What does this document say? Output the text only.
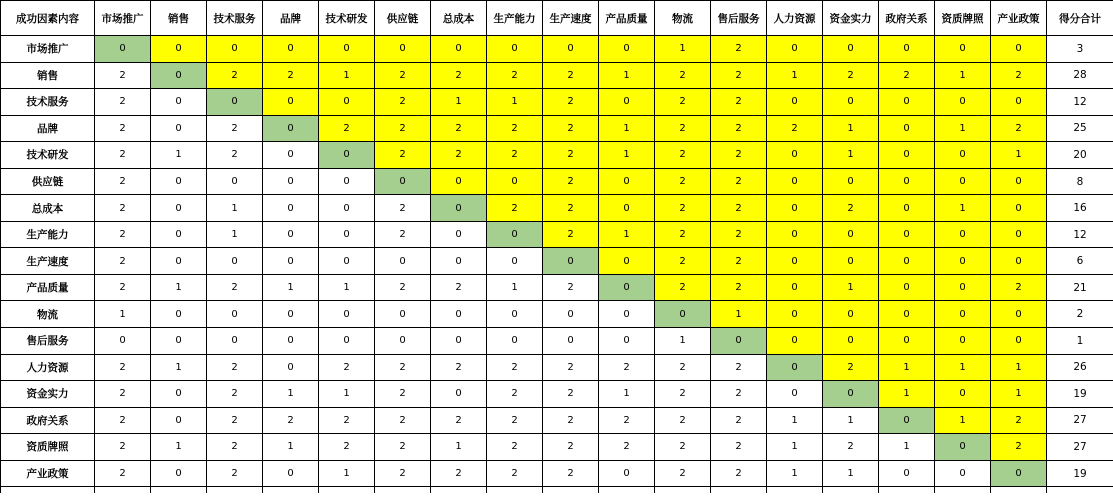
成功因素内容	市场推广	销售	技术服务	品牌	技术研发	供应链	总成本	生产能力	生产速度	产品质量	物流	售后服务	人力资源	资金实力	政府关系	资质牌照	产业政策	得分合计
市场推广	0	0	0	0	0	0	0	0	0	0	1	2	0	0	0	0	0	3
销售	2	0	2	2	1	2	2	2	2	1	2	2	1	2	2	1	2	28
技术服务	2	0	0	0	0	2	1	1	2	0	2	2	0	0	0	0	0	12
品牌	2	0	2	0	2	2	2	2	2	1	2	2	2	1	0	1	2	25
技术研发	2	1	2	0	0	2	2	2	2	1	2	2	0	1	0	0	1	20
供应链	2	0	0	0	0	0	0	0	2	0	2	2	0	0	0	0	0	8
总成本	2	0	1	0	0	2	0	2	2	0	2	2	0	2	0	1	0	16
生产能力	2	0	1	0	0	2	0	0	2	1	2	2	0	0	0	0	0	12
生产速度	2	0	0	0	0	0	0	0	0	0	2	2	0	0	0	0	0	6
产品质量	2	1	2	1	1	2	2	1	2	0	2	2	0	1	0	0	2	21
物流	1	0	0	0	0	0	0	0	0	0	0	1	0	0	0	0	0	2
售后服务	0	0	0	0	0	0	0	0	0	0	1	0	0	0	0	0	0	1
人力资源	2	1	2	0	2	2	2	2	2	2	2	2	0	2	1	1	1	26
资金实力	2	0	2	1	1	2	0	2	2	1	2	2	0	0	1	0	1	19
政府关系	2	0	2	2	2	2	2	2	2	2	2	2	1	1	0	1	2	27
资质牌照	2	1	2	1	2	2	1	2	2	2	2	2	1	2	1	0	2	27
产业政策	2	0	2	0	1	2	2	2	2	0	2	2	1	1	0	0	0	19
